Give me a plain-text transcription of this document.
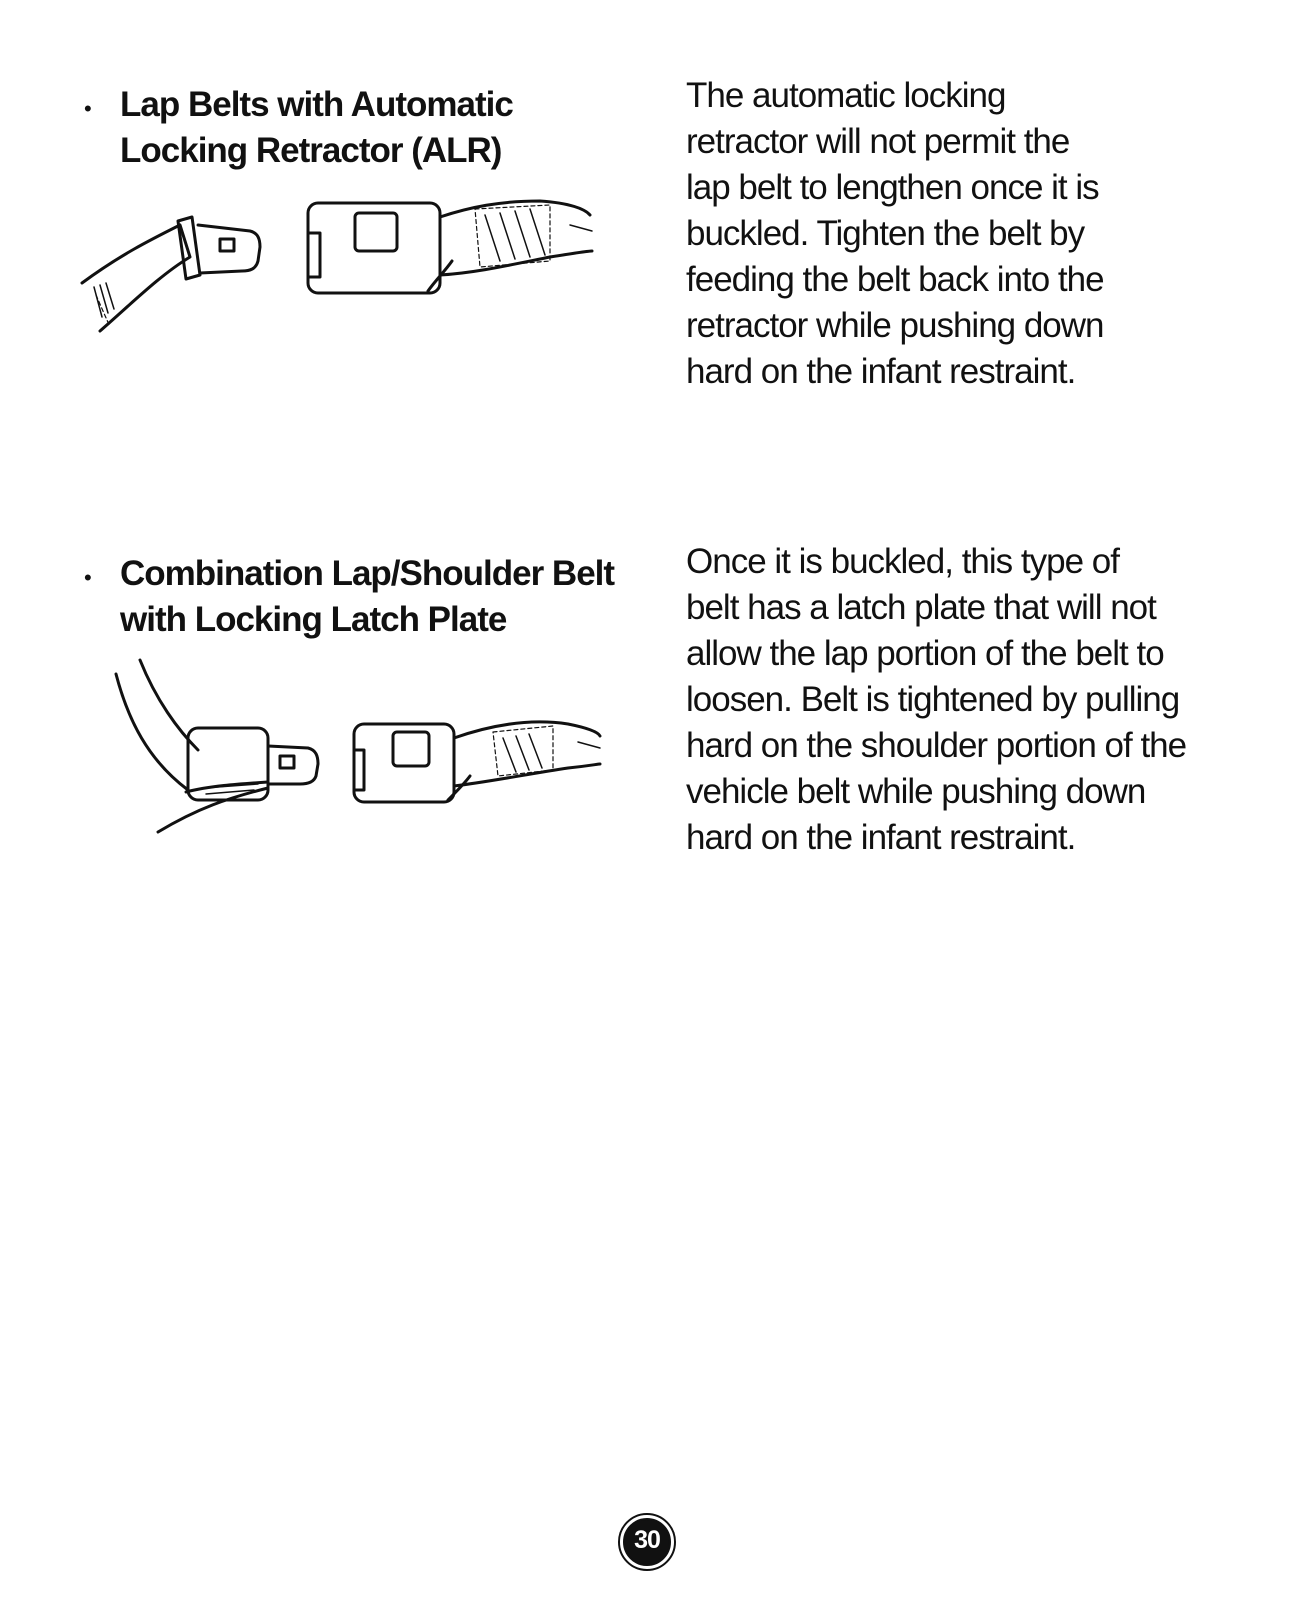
• Lap Belts with Automatic
Locking Retractor (ALR)

The automatic locking
retractor will not permit the
lap belt to lengthen once it is
buckled. Tighten the belt by
feeding the belt back into the
retractor while pushing down
hard on the infant restraint.

• Combination Lap/Shoulder Belt
with Locking Latch Plate

Once it is buckled, this type of
belt has a latch plate that will not
allow the lap portion of the belt to
loosen. Belt is tightened by pulling
hard on the shoulder portion of the
vehicle belt while pushing down
hard on the infant restraint.

30
